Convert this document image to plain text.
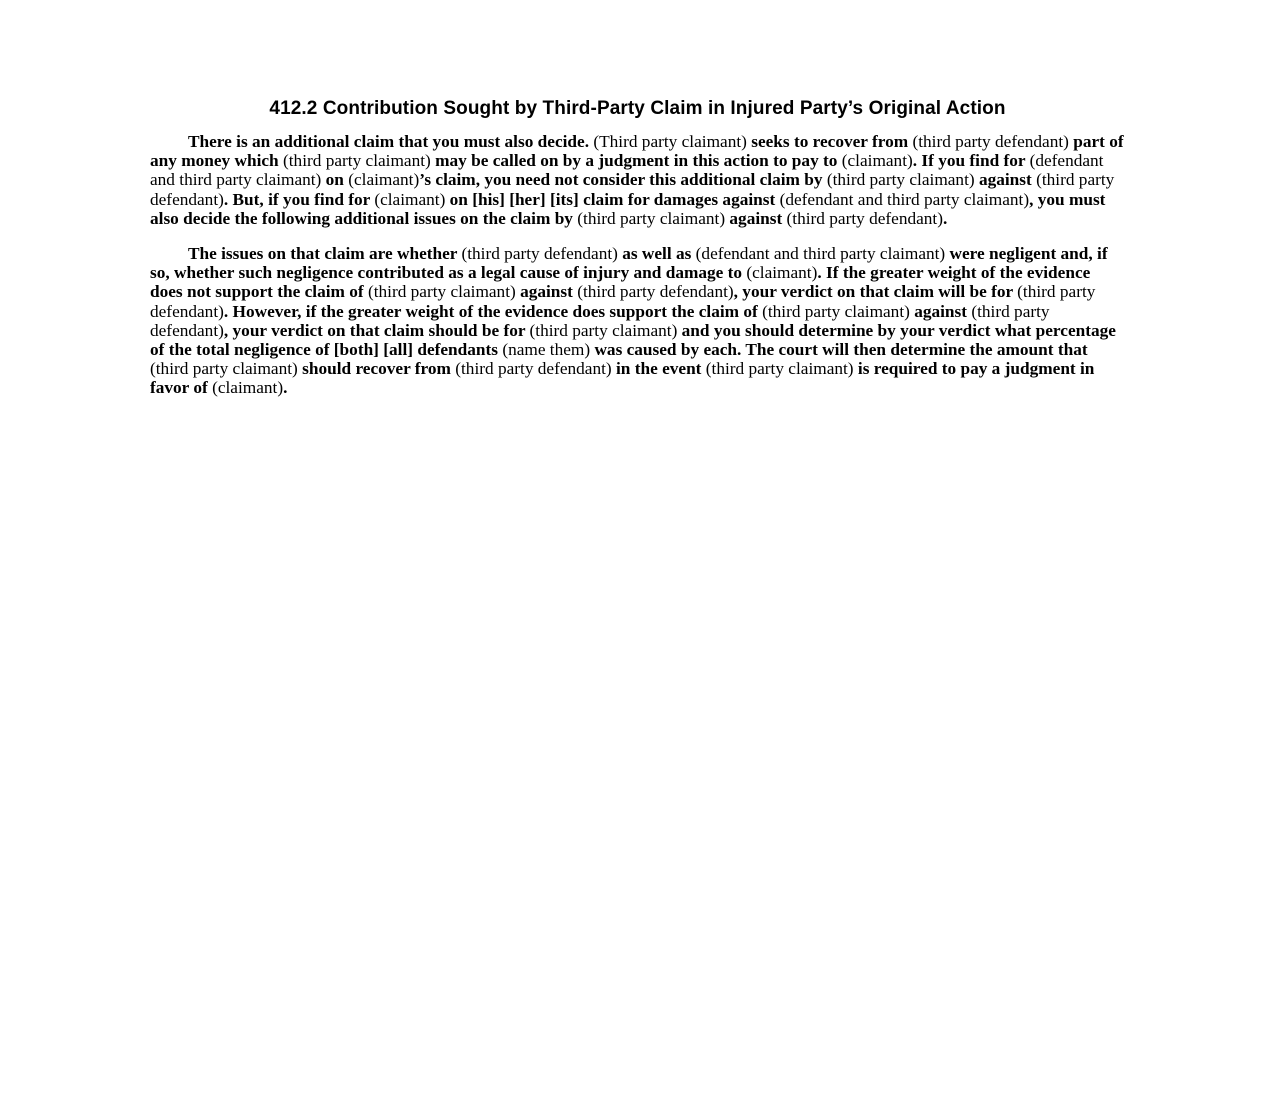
412.2 Contribution Sought by Third-Party Claim in Injured Party’s Original Action

There is an additional claim that you must also decide. (Third party claimant) seeks to recover from (third party defendant) part of any money which (third party claimant) may be called on by a judgment in this action to pay to (claimant). If you find for (defendant and third party claimant) on (claimant)’s claim, you need not consider this additional claim by (third party claimant) against (third party defendant). But, if you find for (claimant) on [his] [her] [its] claim for damages against (defendant and third party claimant), you must also decide the following additional issues on the claim by (third party claimant) against (third party defendant).

The issues on that claim are whether (third party defendant) as well as (defendant and third party claimant) were negligent and, if so, whether such negligence contributed as a legal cause of injury and damage to (claimant). If the greater weight of the evidence does not support the claim of (third party claimant) against (third party defendant), your verdict on that claim will be for (third party defendant). However, if the greater weight of the evidence does support the claim of (third party claimant) against (third party defendant), your verdict on that claim should be for (third party claimant) and you should determine by your verdict what percentage of the total negligence of [both] [all] defendants (name them) was caused by each. The court will then determine the amount that (third party claimant) should recover from (third party defendant) in the event (third party claimant) is required to pay a judgment in favor of (claimant).
